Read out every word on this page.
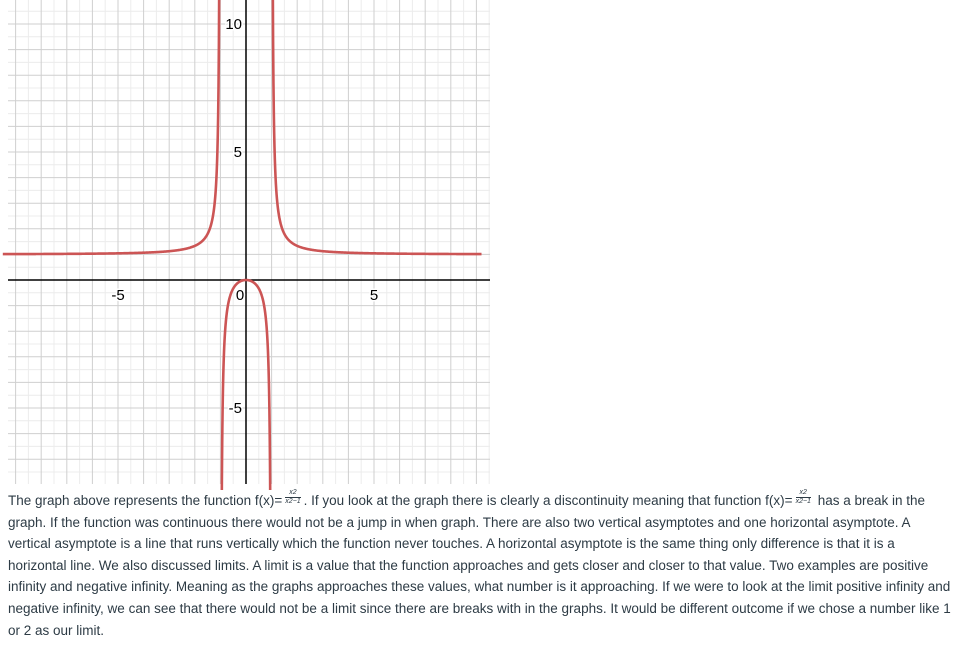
-5	0	5
10
5
-5

The graph above represents the function $f(x)= \frac{x2}{x2-1}$ . If you look at the graph there is clearly a discontinuity meaning that function $f(x)= \frac{x2}{x2-1}$ has a break in the graph. If the function was continuous there would not be a jump in when graph. There are also two vertical asymptotes and one horizontal asymptote. A vertical asymptote is a line that runs vertically which the function never touches. A horizontal asymptote is the same thing only difference is that it is a horizontal line. We also discussed limits. A limit is a value that the function approaches and gets closer and closer to that value. Two examples are positive infinity and negative infinity. Meaning as the graphs approaches these values, what number is it approaching. If we were to look at the limit positive infinity and negative infinity, we can see that there would not be a limit since there are breaks with in the graphs. It would be different outcome if we chose a number like 1 or 2 as our limit.
